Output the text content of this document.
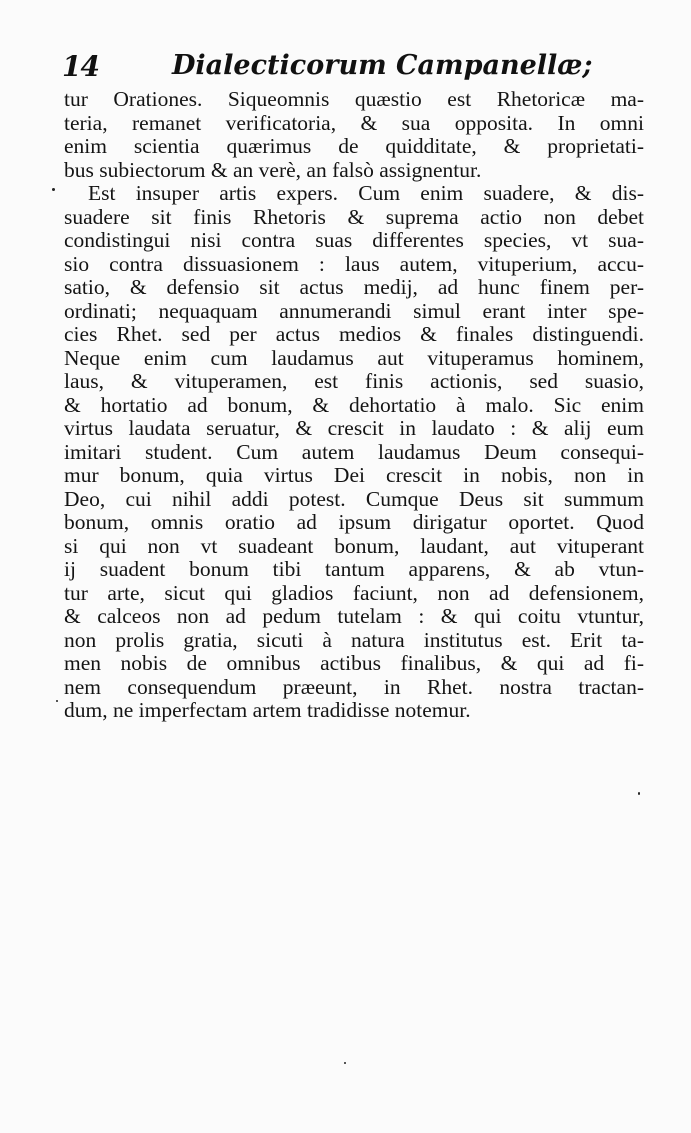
14	Dialecticorum Campanellæ;
tur Orationes. Siqueomnis quæstio est Rhetoricæ ma-
teria, remanet verificatoria, & sua opposita. In omni
enim scientia quærimus de quidditate, & proprietati-
bus subiectorum & an verè, an falsò assignentur.
Est insuper artis expers. Cum enim suadere, & dis-
suadere sit finis Rhetoris & suprema actio non debet
condistingui nisi contra suas differentes species, vt sua-
sio contra dissuasionem : laus autem, vituperium, accu-
satio, & defensio sit actus medij, ad hunc finem per-
ordinati; nequaquam annumerandi simul erant inter spe-
cies Rhet. sed per actus medios & finales distinguendi.
Neque enim cum laudamus aut vituperamus hominem,
laus, & vituperamen, est finis actionis, sed suasio,
& hortatio ad bonum, & dehortatio à malo. Sic enim
virtus laudata seruatur, & crescit in laudato : & alij eum
imitari student. Cum autem laudamus Deum consequi-
mur bonum, quia virtus Dei crescit in nobis, non in
Deo, cui nihil addi potest. Cumque Deus sit summum
bonum, omnis oratio ad ipsum dirigatur oportet. Quod
si qui non vt suadeant bonum, laudant, aut vituperant
ij suadent bonum tibi tantum apparens, & ab vtun-
tur arte, sicut qui gladios faciunt, non ad defensionem,
& calceos non ad pedum tutelam : & qui coitu vtuntur,
non prolis gratia, sicuti à natura institutus est. Erit ta-
men nobis de omnibus actibus finalibus, & qui ad fi-
nem consequendum præeunt, in Rhet. nostra tractan-
dum, ne imperfectam artem tradidisse notemur.
